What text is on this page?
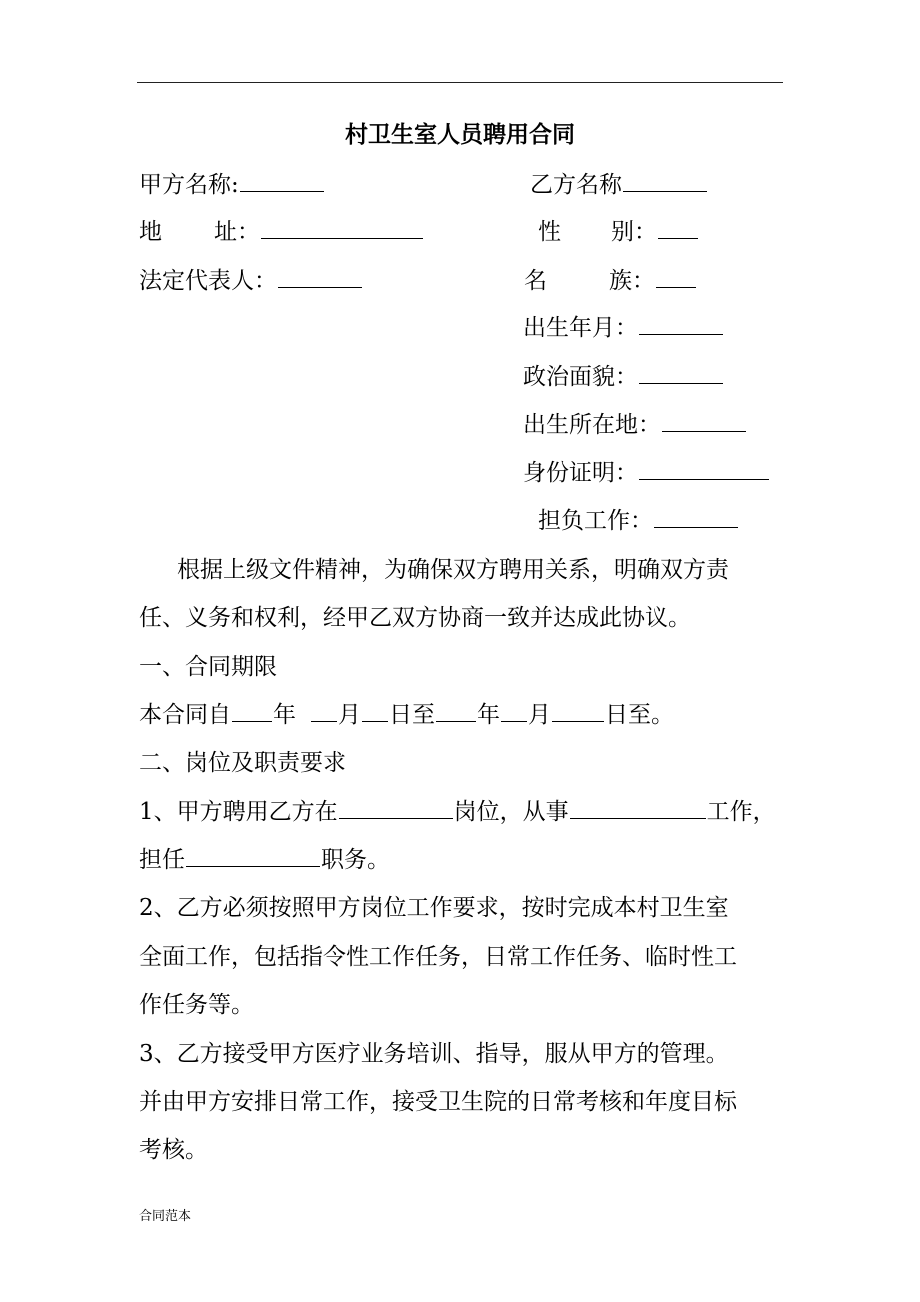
村卫生室人员聘用合同
甲方名称:	乙方名称
地 址：	性 别：
法定代表人：	名	族：
出生年月：
政治面貌：
出生所在地：
身份证明：
担负工作：
根据上级文件精神，为确保双方聘用关系，明确双方责
任、义务和权利，经甲乙双方协商一致并达成此协议。
一、合同期限
本合同自 年 月 日至 年 月 日至。
二、岗位及职责要求
1、甲方聘用乙方在	岗位，从事	工作，
担任	职务。
2、乙方必须按照甲方岗位工作要求，按时完成本村卫生室
全面工作，包括指令性工作任务，日常工作任务、临时性工
作任务等。
3、乙方接受甲方医疗业务培训、指导，服从甲方的管理。
并由甲方安排日常工作，接受卫生院的日常考核和年度目标
考核。
合同范本
